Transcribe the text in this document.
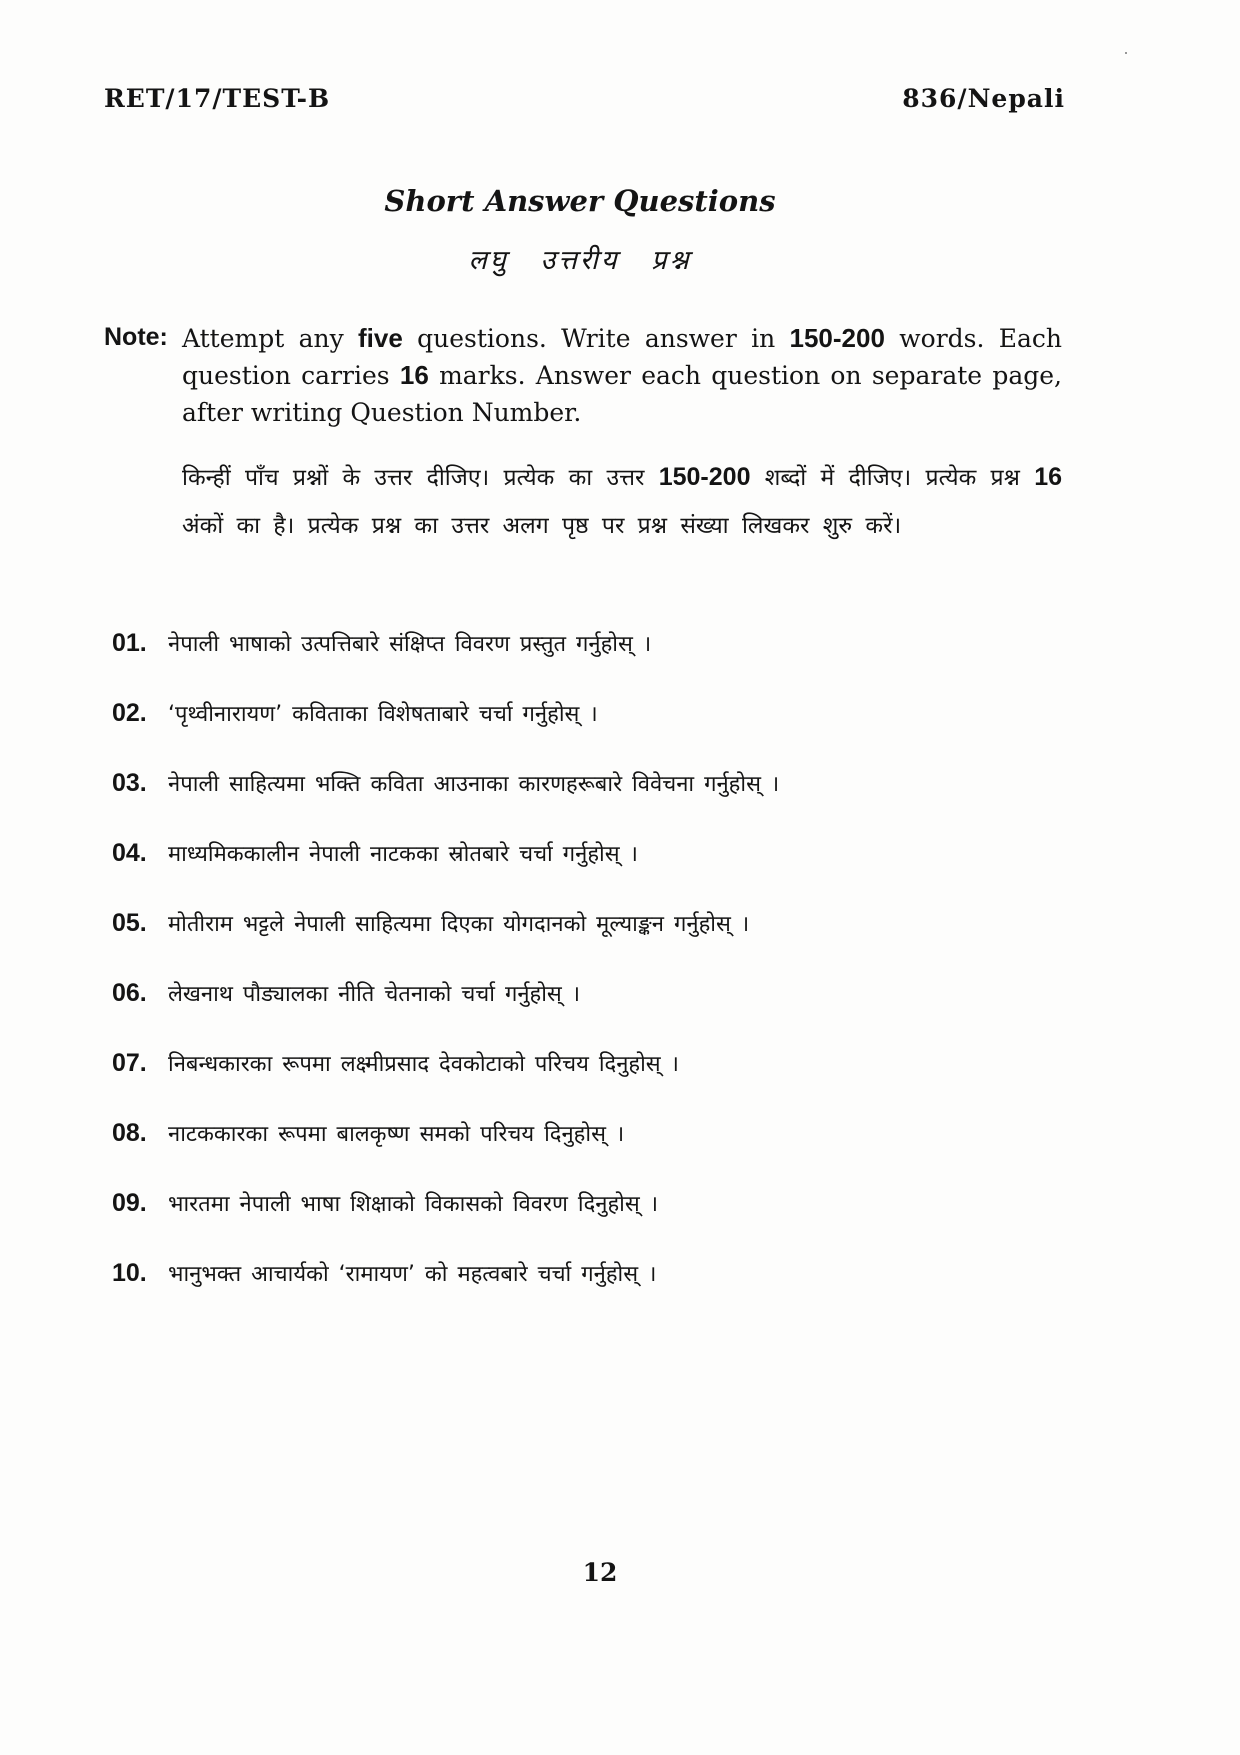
RET/17/TEST-B	836/Nepali
Short Answer Questions
लघु उत्तरीय प्रश्न
Note: Attempt any five questions. Write answer in 150-200 words. Each question carries 16 marks. Answer each question on separate page, after writing Question Number.
किन्हीं पाँच प्रश्नों के उत्तर दीजिए। प्रत्येक का उत्तर 150-200 शब्दों में दीजिए। प्रत्येक प्रश्न 16 अंकों का है। प्रत्येक प्रश्न का उत्तर अलग पृष्ठ पर प्रश्न संख्या लिखकर शुरु करें।
01. नेपाली भाषाको उत्पत्तिबारे संक्षिप्त विवरण प्रस्तुत गर्नुहोस् ।
02. ‘पृथ्वीनारायण’ कविताका विशेषताबारे चर्चा गर्नुहोस् ।
03. नेपाली साहित्यमा भक्ति कविता आउनाका कारणहरूबारे विवेचना गर्नुहोस् ।
04. माध्यमिककालीन नेपाली नाटकका स्रोतबारे चर्चा गर्नुहोस् ।
05. मोतीराम भट्टले नेपाली साहित्यमा दिएका योगदानको मूल्याङ्कन गर्नुहोस् ।
06. लेखनाथ पौड्यालका नीति चेतनाको चर्चा गर्नुहोस् ।
07. निबन्धकारका रूपमा लक्ष्मीप्रसाद देवकोटाको परिचय दिनुहोस् ।
08. नाटककारका रूपमा बालकृष्ण समको परिचय दिनुहोस् ।
09. भारतमा नेपाली भाषा शिक्षाको विकासको विवरण दिनुहोस् ।
10. भानुभक्त आचार्यको ‘रामायण’ को महत्वबारे चर्चा गर्नुहोस् ।
12
